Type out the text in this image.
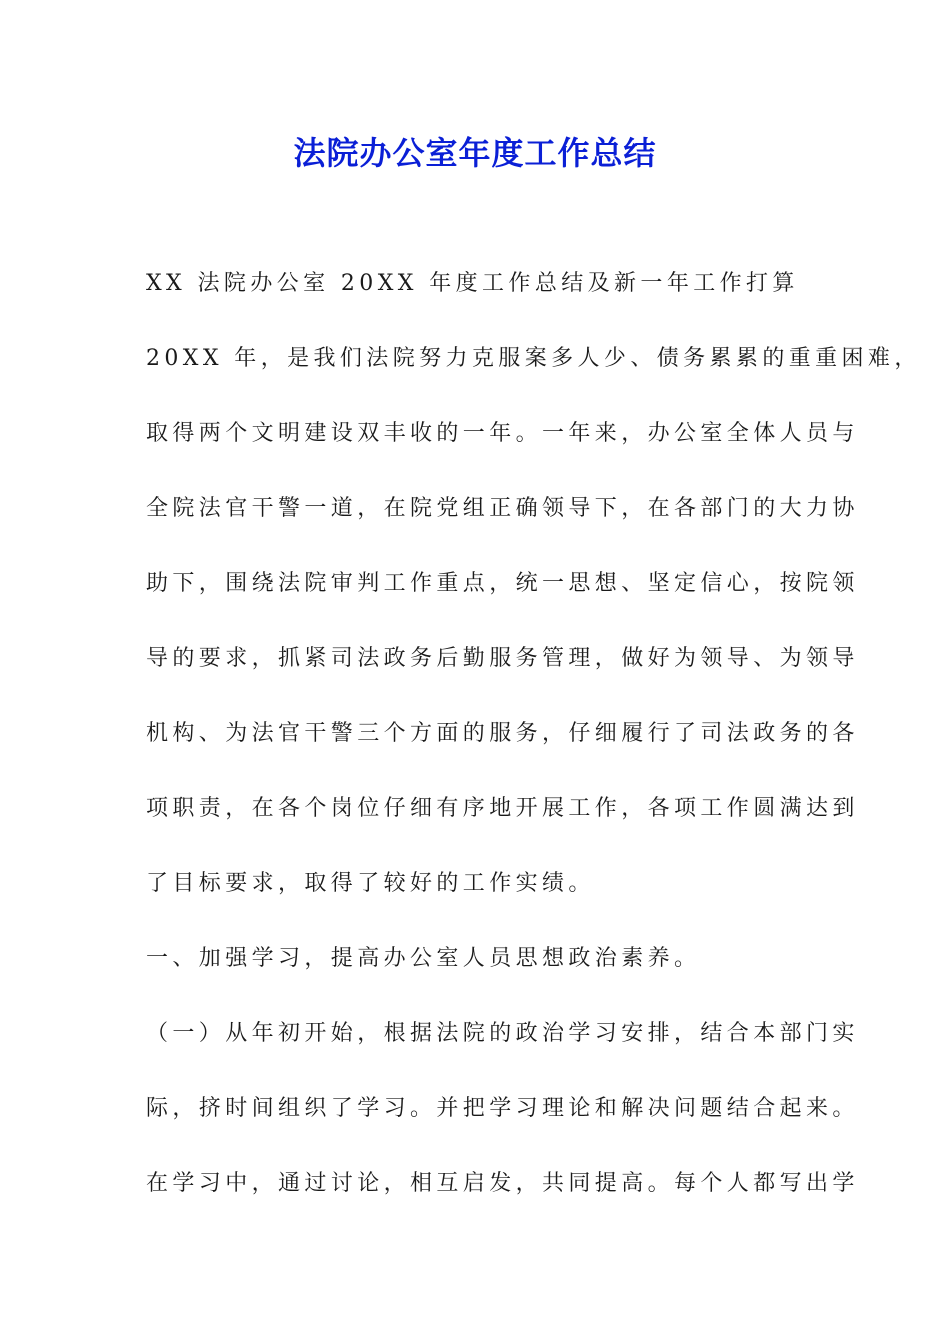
法院办公室年度工作总结
XX 法院办公室 20XX 年度工作总结及新一年工作打算
20XX 年，是我们法院努力克服案多人少、债务累累的重重困难，
取得两个文明建设双丰收的一年。一年来，办公室全体人员与
全院法官干警一道，在院党组正确领导下，在各部门的大力协
助下，围绕法院审判工作重点，统一思想、坚定信心，按院领
导的要求，抓紧司法政务后勤服务管理，做好为领导、为领导
机构、为法官干警三个方面的服务，仔细履行了司法政务的各
项职责，在各个岗位仔细有序地开展工作，各项工作圆满达到
了目标要求，取得了较好的工作实绩。
一、加强学习，提高办公室人员思想政治素养。
（一）从年初开始，根据法院的政治学习安排，结合本部门实
际，挤时间组织了学习。并把学习理论和解决问题结合起来。
在学习中，通过讨论，相互启发，共同提高。每个人都写出学
